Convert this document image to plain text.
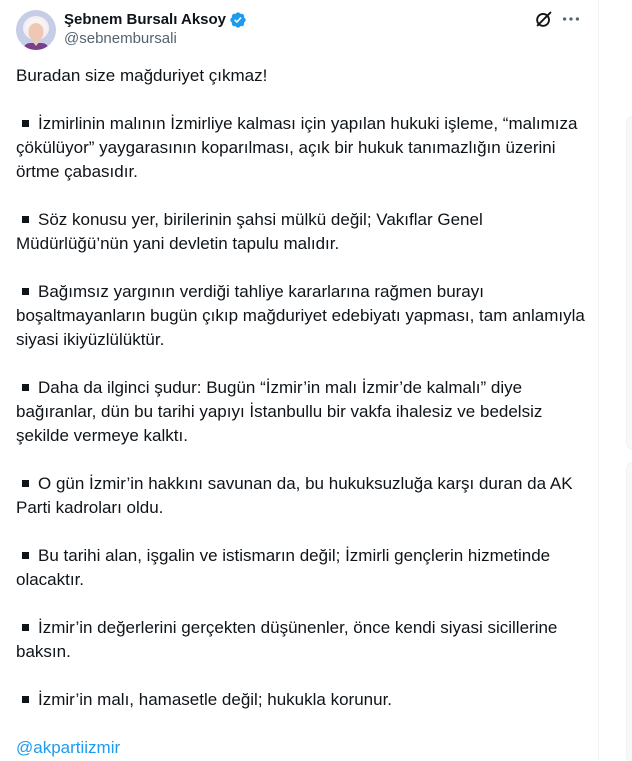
Şebnem Bursalı Aksoy
@sebnembursali

Buradan size mağduriyet çıkmaz!

İzmirlinin malının İzmirliye kalması için yapılan hukuki işleme, “malımıza çökülüyor” yaygarasının koparılması, açık bir hukuk tanımazlığın üzerini örtme çabasıdır.

Söz konusu yer, birilerinin şahsi mülkü değil; Vakıflar Genel Müdürlüğü’nün yani devletin tapulu malıdır.

Bağımsız yargının verdiği tahliye kararlarına rağmen burayı boşaltmayanların bugün çıkıp mağduriyet edebiyatı yapması, tam anlamıyla siyasi ikiyüzlülüktür.

Daha da ilginci şudur: Bugün “İzmir’in malı İzmir’de kalmalı” diye bağıranlar, dün bu tarihi yapıyı İstanbullu bir vakfa ihalesiz ve bedelsiz şekilde vermeye kalktı.

O gün İzmir’in hakkını savunan da, bu hukuksuzluğa karşı duran da AK Parti kadroları oldu.

Bu tarihi alan, işgalin ve istismarın değil; İzmirli gençlerin hizmetinde olacaktır.

İzmir’in değerlerini gerçekten düşünenler, önce kendi siyasi sicillerine baksın.

İzmir’in malı, hamasetle değil; hukukla korunur.

@akpartiizmir
